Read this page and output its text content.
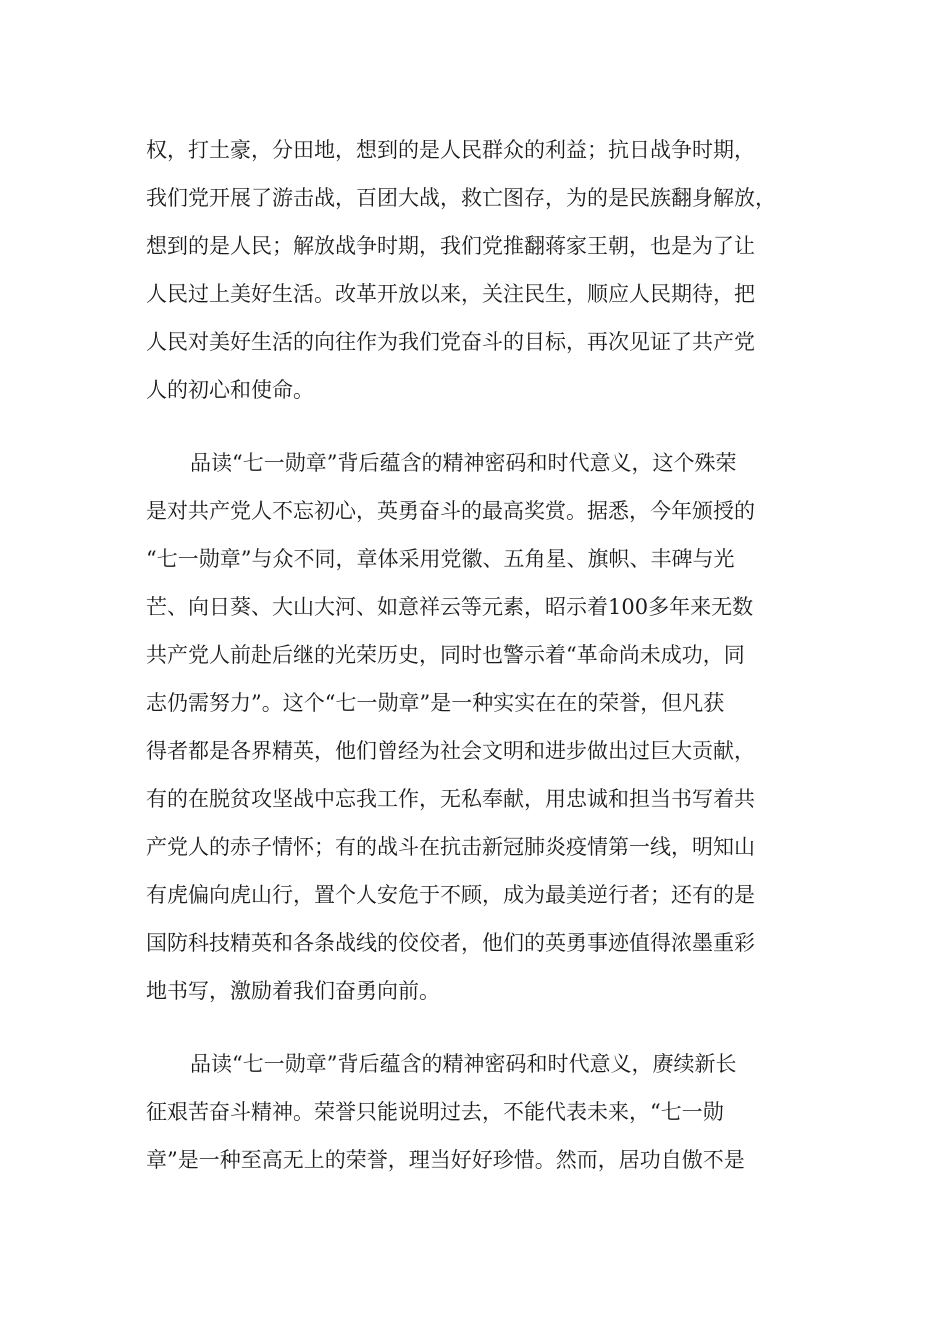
权，打土豪，分田地，想到的是人民群众的利益；抗日战争时期，
我们党开展了游击战，百团大战，救亡图存，为的是民族翻身解放，
想到的是人民；解放战争时期，我们党推翻蒋家王朝，也是为了让
人民过上美好生活。改革开放以来，关注民生，顺应人民期待，把
人民对美好生活的向往作为我们党奋斗的目标，再次见证了共产党
人的初心和使命。
品读“七一勋章”背后蕴含的精神密码和时代意义，这个殊荣
是对共产党人不忘初心，英勇奋斗的最高奖赏。据悉，今年颁授的
“七一勋章”与众不同，章体采用党徽、五角星、旗帜、丰碑与光
芒、向日葵、大山大河、如意祥云等元素，昭示着100多年来无数
共产党人前赴后继的光荣历史，同时也警示着“革命尚未成功，同
志仍需努力”。这个“七一勋章”是一种实实在在的荣誉，但凡获
得者都是各界精英，他们曾经为社会文明和进步做出过巨大贡献，
有的在脱贫攻坚战中忘我工作，无私奉献，用忠诚和担当书写着共
产党人的赤子情怀；有的战斗在抗击新冠肺炎疫情第一线，明知山
有虎偏向虎山行，置个人安危于不顾，成为最美逆行者；还有的是
国防科技精英和各条战线的佼佼者，他们的英勇事迹值得浓墨重彩
地书写，激励着我们奋勇向前。
品读“七一勋章”背后蕴含的精神密码和时代意义，赓续新长
征艰苦奋斗精神。荣誉只能说明过去，不能代表未来，“七一勋
章”是一种至高无上的荣誉，理当好好珍惜。然而，居功自傲不是
